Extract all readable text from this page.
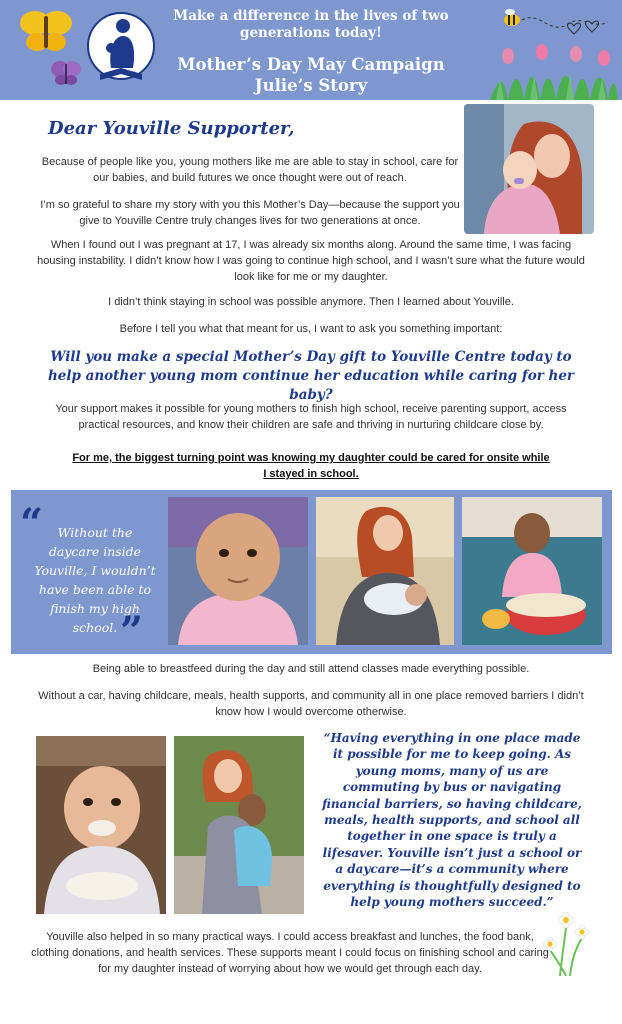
Make a difference in the lives of two generations today!
Mother’s Day May Campaign
Julie’s Story
Dear Youville Supporter,
Because of people like you, young mothers like me are able to stay in school, care for our babies, and build futures we once thought were out of reach.
I’m so grateful to share my story with you this Mother’s Day—because the support you give to Youville Centre truly changes lives for two generations at once.
When I found out I was pregnant at 17, I was already six months along. Around the same time, I was facing housing instability. I didn’t know how I was going to continue high school, and I wasn’t sure what the future would look like for me or my daughter.
I didn’t think staying in school was possible anymore. Then I learned about Youville.
Before I tell you what that meant for us, I want to ask you something important:
Will you make a special Mother’s Day gift to Youville Centre today to help another young mom continue her education while caring for her baby?
Your support makes it possible for young mothers to finish high school, receive parenting support, access practical resources, and know their children are safe and thriving in nurturing childcare close by.
For me, the biggest turning point was knowing my daughter could be cared for onsite while I stayed in school.
“	Without the daycare inside Youville, I wouldn’t have been able to finish my high school. ”
Being able to breastfeed during the day and still attend classes made everything possible.
Without a car, having childcare, meals, health supports, and community all in one place removed barriers I didn’t know how I would overcome otherwise.
“Having everything in one place made it possible for me to keep going. As young moms, many of us are commuting by bus or navigating financial barriers, so having childcare, meals, health supports, and school all together in one space is truly a lifesaver. Youville isn’t just a school or a daycare—it’s a community where everything is thoughtfully designed to help young mothers succeed.”
Youville also helped in so many practical ways. I could access breakfast and lunches, the food bank, clothing donations, and health services. These supports meant I could focus on finishing school and caring for my daughter instead of worrying about how we would get through each day.
